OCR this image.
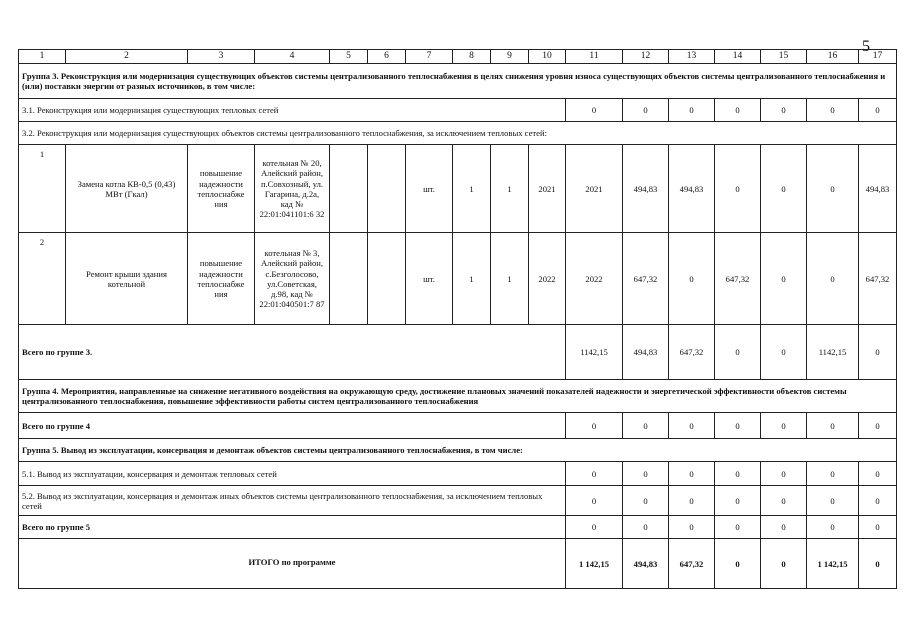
5
1	2	3	4	5	6	7	8	9	10	11	12	13	14	15	16	17	
Группа 3. Реконструкция или модернизация существующих объектов системы централизованного теплоснабжения в целях снижения уровня износа существующих объектов системы централизованного теплоснабжения и (или) поставки энергии от разных источников, в том числе:																	
3.1. Реконструкция или модернизация существующих тепловых сетей										0	0	0	0	0	0	0	
3.2. Реконструкция или модернизация существующих объектов системы централизованного теплоснабжения, за исключением тепловых сетей:																	
1	Замена котла КВ-0,5 (0,43) МВт (Гкал)	повышение надежности теплоснабже ния	котельная № 20, Алейский район, п.Совхозный, ул. Гагарина, д.2а, кад № 22:01:041101:6 32			шт.	1	1	2021	2021	494,83	494,83	0	0	0	494,83	
2	Ремонт крыши здания котельной	повышение надежности теплоснабже ния	котельная № 3, Алейский район, с.Безголосово, ул.Советская, д.98, кад № 22:01:040501:7 87			шт.	1	1	2022	2022	647,32	0	647,32	0	0	647,32	
Всего по группе 3.										1142,15	494,83	647,32	0	0	1142,15	0	
Группа 4. Мероприятия, направленные на снижение негативного воздействия на окружающую среду, достижение плановых значений показателей надежности и энергетической эффективности объектов системы централизованного теплоснабжения, повышение эффективности работы систем централизованного теплоснабжения																	
Всего по группе 4										0	0	0	0	0	0	0	
Группа 5. Вывод из эксплуатации, консервация и демонтаж объектов системы централизованного теплоснабжения, в том числе:																	
5.1. Вывод из эксплуатации, консервация и демонтаж тепловых сетей										0	0	0	0	0	0	0	
5.2. Вывод из эксплуатации, консервация и демонтаж иных объектов системы централизованного теплоснабжения, за исключением тепловых сетей										0	0	0	0	0	0	0	
Всего по группе 5										0	0	0	0	0	0	0	
ИТОГО по программе										1 142,15	494,83	647,32	0	0	1 142,15	0	
